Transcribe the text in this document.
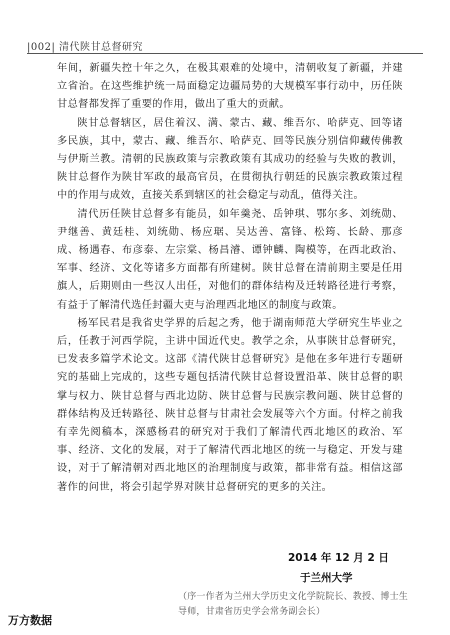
|002| 清代陕甘总督研究

年间，新疆失控十年之久，在极其艰难的处境中，清朝收复了新疆，并建立省治。在这些维护统一局面稳定边疆局势的大规模军事行动中，历任陕甘总督都发挥了重要的作用，做出了重大的贡献。

陕甘总督辖区，居住着汉、满、蒙古、藏、维吾尔、哈萨克、回等诸多民族，其中，蒙古、藏、维吾尔、哈萨克、回等民族分别信仰藏传佛教与伊斯兰教。清朝的民族政策与宗教政策有其成功的经验与失败的教训，陕甘总督作为陕甘军政的最高官员，在贯彻执行朝廷的民族宗教政策过程中的作用与成效，直接关系到辖区的社会稳定与动乱，值得关注。

清代历任陕甘总督多有能员，如年羹尧、岳钟琪、鄂尔多、刘统勋、尹继善、黄廷桂、刘统勋、杨应琚、吴达善、富锋、松筠、长龄、那彦成、杨遇春、布彦泰、左宗棠、杨昌濬、谭钟麟、陶模等，在西北政治、军事、经济、文化等诸多方面都有所建树。陕甘总督在清前期主要是任用旗人，后期则由一些汉人出任，对他们的群体结构及迁转路径进行考察，有益于了解清代选任封疆大吏与治理西北地区的制度与政策。

杨军民君是我省史学界的后起之秀，他于湖南师范大学研究生毕业之后，任教于河西学院，主讲中国近代史。教学之余，从事陕甘总督研究，已发表多篇学术论文。这部《清代陕甘总督研究》是他在多年进行专题研究的基础上完成的，这些专题包括清代陕甘总督设置沿革、陕甘总督的职掌与权力、陕甘总督与西北边防、陕甘总督与民族宗教问题、陕甘总督的群体结构及迁转路径、陕甘总督与甘肃社会发展等六个方面。付梓之前我有幸先阅稿本，深感杨君的研究对于我们了解清代西北地区的政治、军事、经济、文化的发展，对于了解清代西北地区的统一与稳定、开发与建设，对于了解清朝对西北地区的治理制度与政策，都非常有益。相信这部著作的问世，将会引起学界对陕甘总督研究的更多的关注。

2014 年 12 月 2 日
于兰州大学
（序一作者为兰州大学历史文化学院院长、教授、博士生导师，甘肃省历史学会常务副会长）
万方数据
